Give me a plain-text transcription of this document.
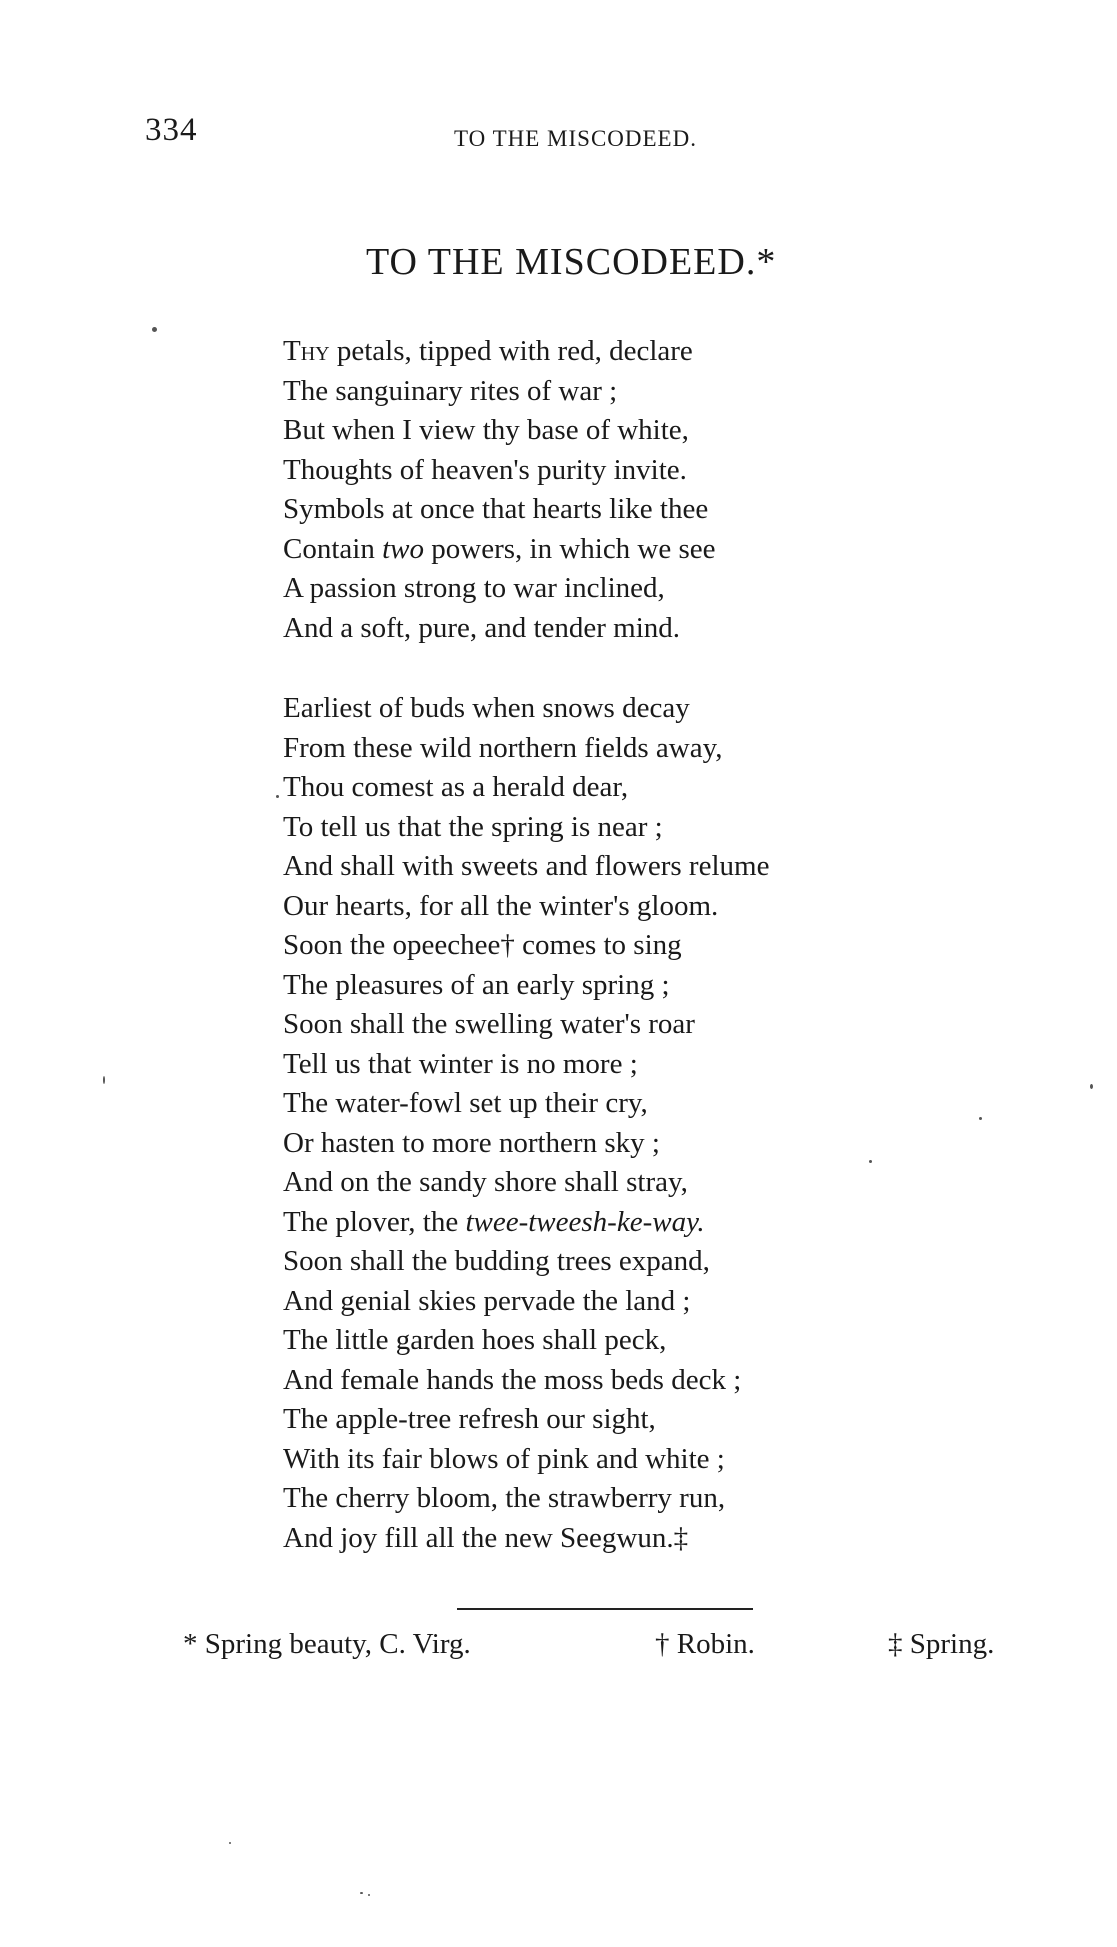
334	TO THE MISCODEED.
TO THE MISCODEED.*
Thy petals, tipped with red, declare
The sanguinary rites of war ;
But when I view thy base of white,
Thoughts of heaven's purity invite.
Symbols at once that hearts like thee
Contain two powers, in which we see
A passion strong to war inclined,
And a soft, pure, and tender mind.
Earliest of buds when snows decay
From these wild northern fields away,
Thou comest as a herald dear,
To tell us that the spring is near ;
And shall with sweets and flowers relume
Our hearts, for all the winter's gloom.
Soon the opeechee† comes to sing
The pleasures of an early spring ;
Soon shall the swelling water's roar
Tell us that winter is no more ;
The water-fowl set up their cry,
Or hasten to more northern sky ;
And on the sandy shore shall stray,
The plover, the twee-tweesh-ke-way.
Soon shall the budding trees expand,
And genial skies pervade the land ;
The little garden hoes shall peck,
And female hands the moss beds deck ;
The apple-tree refresh our sight,
With its fair blows of pink and white ;
The cherry bloom, the strawberry run,
And joy fill all the new Seegwun.‡
* Spring beauty, C. Virg.	† Robin.	‡ Spring.
